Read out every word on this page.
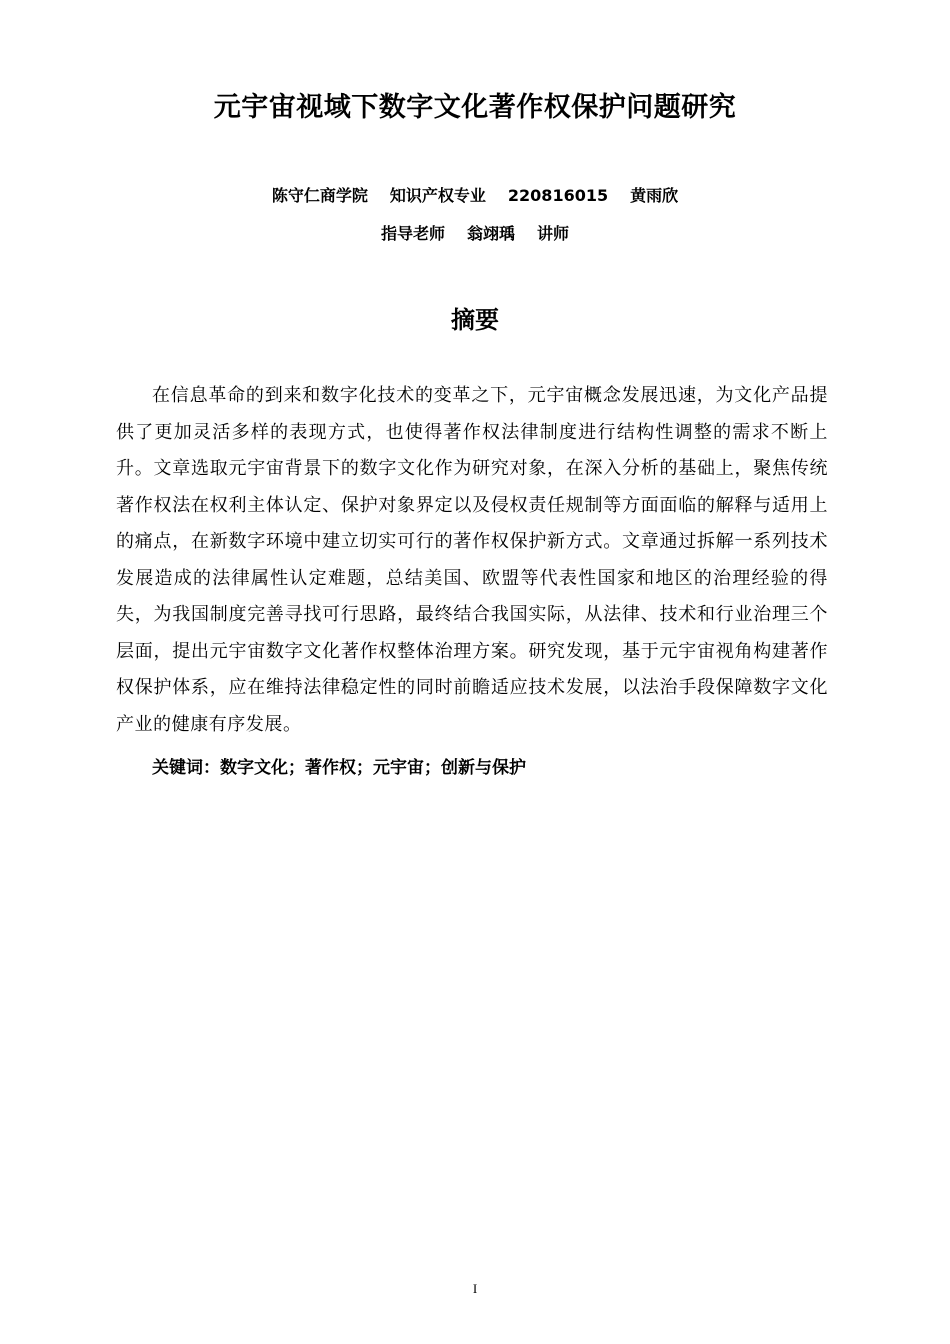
元宇宙视域下数字文化著作权保护问题研究
陈守仁商学院 知识产权专业 220816015 黄雨欣
指导老师 翁翊瑀 讲师
摘要

在信息革命的到来和数字化技术的变革之下，元宇宙概念发展迅速，为文化产品提供了更加灵活多样的表现方式，也使得著作权法律制度进行结构性调整的需求不断上升。文章选取元宇宙背景下的数字文化作为研究对象，在深入分析的基础上，聚焦传统著作权法在权利主体认定、保护对象界定以及侵权责任规制等方面面临的解释与适用上的痛点，在新数字环境中建立切实可行的著作权保护新方式。文章通过拆解一系列技术发展造成的法律属性认定难题，总结美国、欧盟等代表性国家和地区的治理经验的得失，为我国制度完善寻找可行思路，最终结合我国实际，从法律、技术和行业治理三个层面，提出元宇宙数字文化著作权整体治理方案。研究发现，基于元宇宙视角构建著作权保护体系，应在维持法律稳定性的同时前瞻适应技术发展，以法治手段保障数字文化产业的健康有序发展。

关键词：数字文化；著作权；元宇宙；创新与保护
I
